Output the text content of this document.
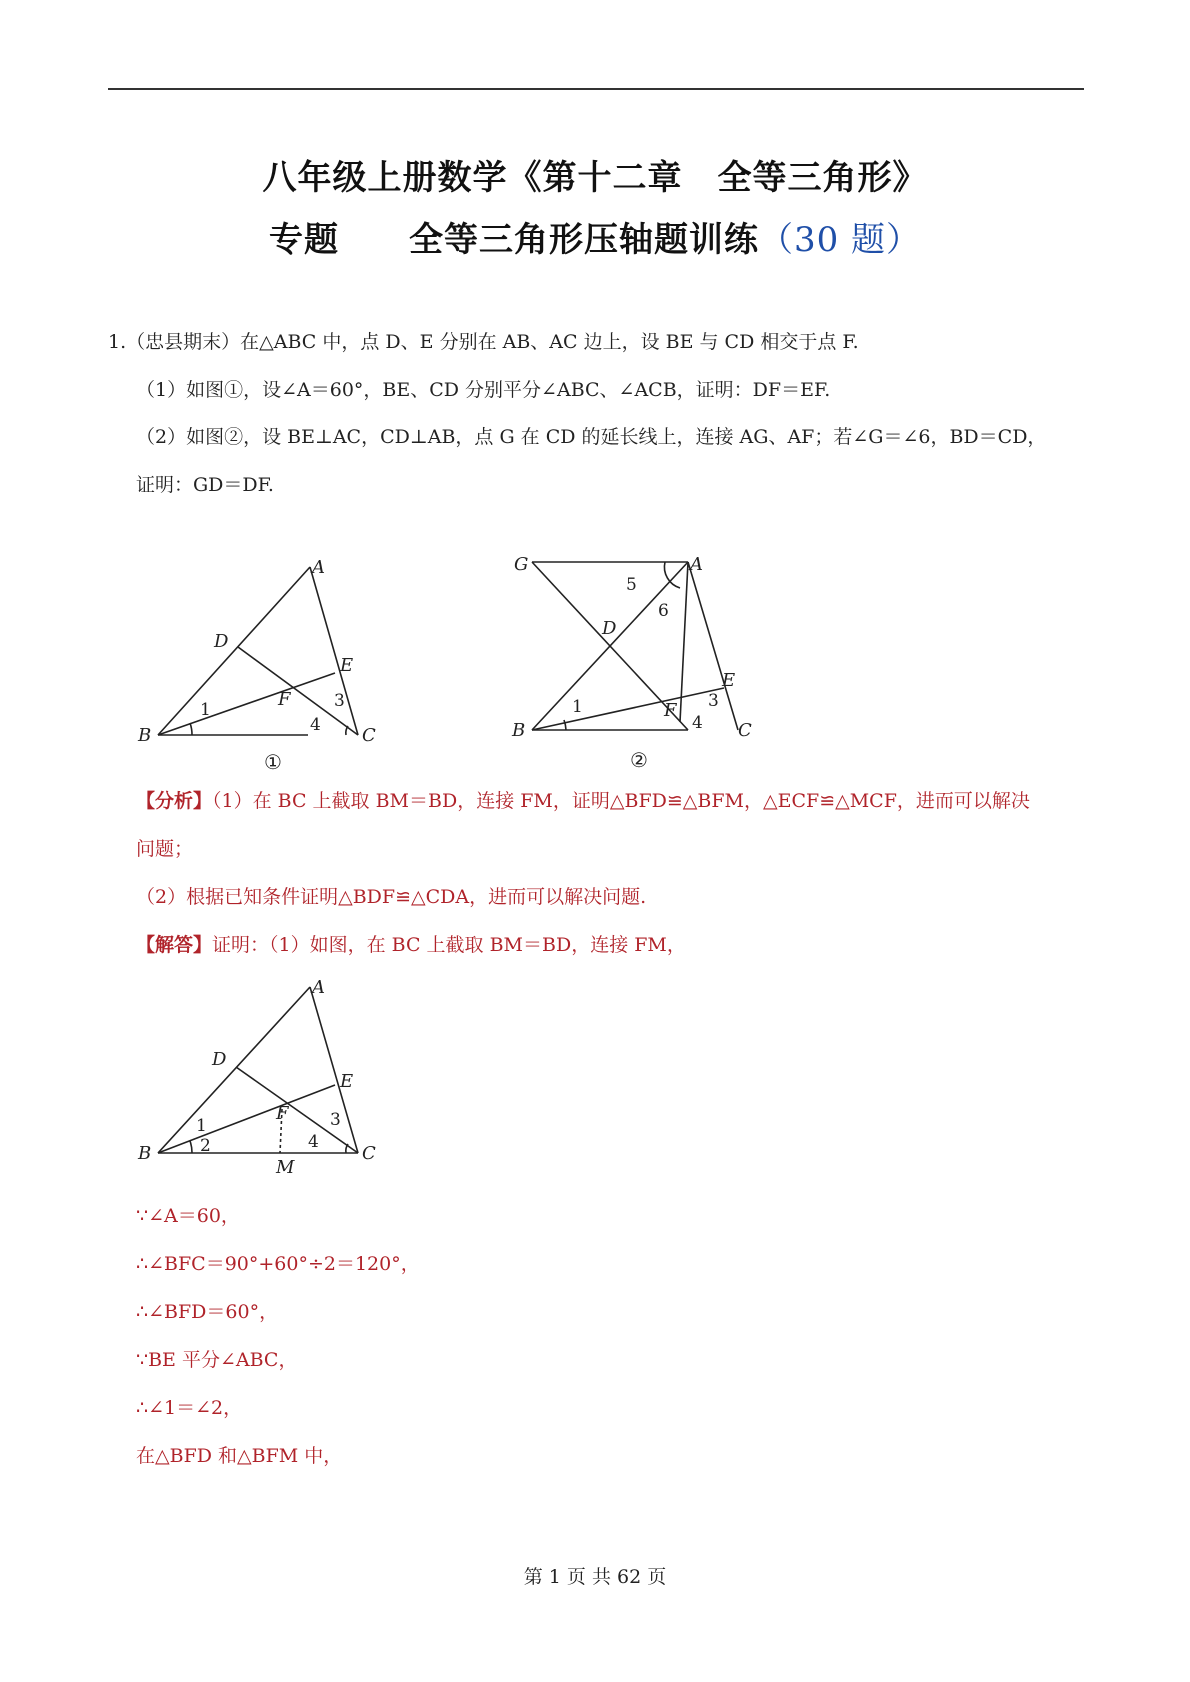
八年级上册数学《第十二章　全等三角形》
专题　　全等三角形压轴题训练（30 题）
1.（忠县期末）在△ABC 中，点 D、E 分别在 AB、AC 边上，设 BE 与 CD 相交于点 F.
（1）如图①，设∠A＝60°，BE、CD 分别平分∠ABC、∠ACB，证明：DF＝EF.
（2）如图②，设 BE⊥AC，CD⊥AB，点 G 在 CD 的延长线上，连接 AG、AF；若∠G＝∠6，BD＝CD，
证明：GD＝DF.
A
B	C
D
E
F
1	3
4
①
G	A
B	C
D
E
F
5
6
1	3
4
②
【分析】（1）在 BC 上截取 BM＝BD，连接 FM，证明△BFD≌△BFM，△ECF≌△MCF，进而可以解决
问题；
（2）根据已知条件证明△BDF≌△CDA，进而可以解决问题.
【解答】证明：（1）如图，在 BC 上截取 BM＝BD，连接 FM，
A
B	C
D
E
F
M
1
2
3
4
∵∠A＝60，
∴∠BFC＝90°+60°÷2＝120°，
∴∠BFD＝60°，
∵BE 平分∠ABC，
∴∠1＝∠2，
在△BFD 和△BFM 中，
第 1 页 共 62 页
